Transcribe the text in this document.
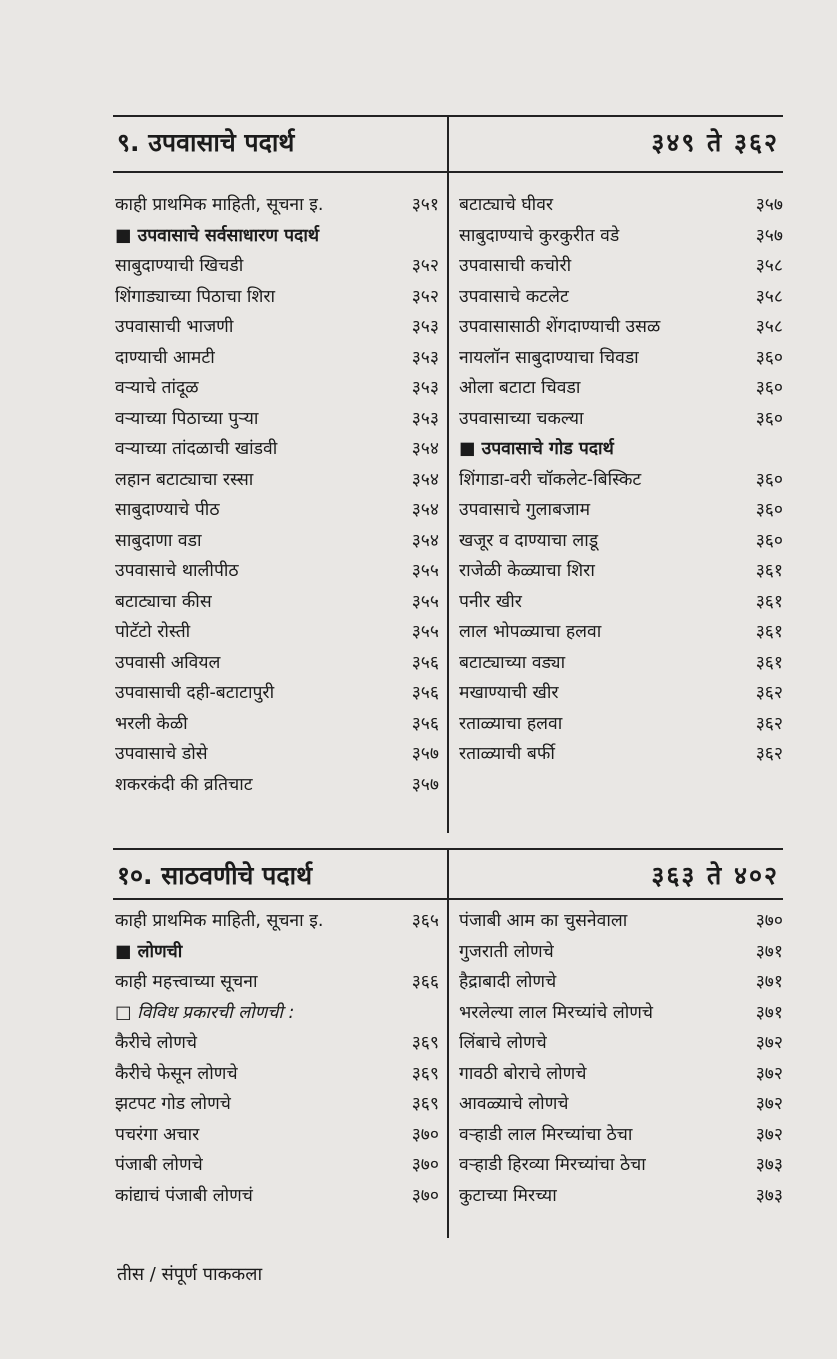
९. उपवासाचे पदार्थ	३४९ ते ३६२
काही प्राथमिक माहिती, सूचना इ.	३५१
■ उपवासाचे सर्वसाधारण पदार्थ
साबुदाण्याची खिचडी	३५२
शिंगाड्याच्या पिठाचा शिरा	३५२
उपवासाची भाजणी	३५३
दाण्याची आमटी	३५३
वऱ्याचे तांदूळ	३५३
वऱ्याच्या पिठाच्या पुऱ्या	३५३
वऱ्याच्या तांदळाची खांडवी	३५४
लहान बटाट्याचा रस्सा	३५४
साबुदाण्याचे पीठ	३५४
साबुदाणा वडा	३५४
उपवासाचे थालीपीठ	३५५
बटाट्याचा कीस	३५५
पोटॅटो रोस्ती	३५५
उपवासी अवियल	३५६
उपवासाची दही-बटाटापुरी	३५६
भरली केळी	३५६
उपवासाचे डोसे	३५७
शकरकंदी की व्रतिचाट	३५७
बटाट्याचे घीवर	३५७
साबुदाण्याचे कुरकुरीत वडे	३५७
उपवासाची कचोरी	३५८
उपवासाचे कटलेट	३५८
उपवासासाठी शेंगदाण्याची उसळ	३५८
नायलॉन साबुदाण्याचा चिवडा	३६०
ओला बटाटा चिवडा	३६०
उपवासाच्या चकल्या	३६०
■ उपवासाचे गोड पदार्थ
शिंगाडा-वरी चॉकलेट-बिस्किट	३६०
उपवासाचे गुलाबजाम	३६०
खजूर व दाण्याचा लाडू	३६०
राजेळी केळ्याचा शिरा	३६१
पनीर खीर	३६१
लाल भोपळ्याचा हलवा	३६१
बटाट्याच्या वड्या	३६१
मखाण्याची खीर	३६२
रताळ्याचा हलवा	३६२
रताळ्याची बर्फी	३६२
१०. साठवणीचे पदार्थ	३६३ ते ४०२
काही प्राथमिक माहिती, सूचना इ.	३६५
■ लोणची
काही महत्त्वाच्या सूचना	३६६
□ विविध प्रकारची लोणची :
कैरीचे लोणचे	३६९
कैरीचे फेसून लोणचे	३६९
झटपट गोड लोणचे	३६९
पचरंगा अचार	३७०
पंजाबी लोणचे	३७०
कांद्याचं पंजाबी लोणचं	३७०
पंजाबी आम का चुसनेवाला	३७०
गुजराती लोणचे	३७१
हैद्राबादी लोणचे	३७१
भरलेल्या लाल मिरच्यांचे लोणचे	३७१
लिंबाचे लोणचे	३७२
गावठी बोराचे लोणचे	३७२
आवळ्याचे लोणचे	३७२
वऱ्हाडी लाल मिरच्यांचा ठेचा	३७२
वऱ्हाडी हिरव्या मिरच्यांचा ठेचा	३७३
कुटाच्या मिरच्या	३७३
तीस / संपूर्ण पाककला
